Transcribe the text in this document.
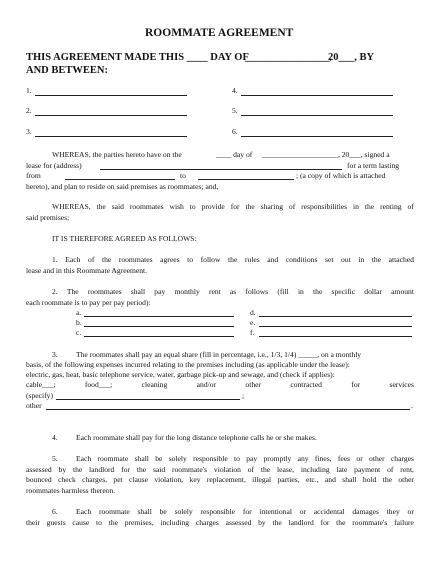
ROOMMATE AGREEMENT
THIS AGREEMENT MADE THIS ____ DAY OF
________________,
20___, BY
AND BETWEEN:
1.
2.
3.
4.
5.
6.
WHEREAS, the parties hereto have on the	____ day of ____________________, 20___, signed a
lease for (address)	for a term lasting
from	to	; (a copy of which is attached
hereto), and plan to reside on said premises as roommates; and,
WHEREAS, the said roommates wish to provide for the sharing of responsibilities in the renting of
said premises;
IT IS THEREFORE AGREED AS FOLLOWS:
1. Each of the roommates agrees to follow the rules and conditions set out in the attached
lease and in this Roommate Agreement.
2. The roommates shall pay monthly rent as follows (fill in the specific dollar amount
each roommate is to pay per pay period):
a.
b.
c.
d.
e.
f.
3. The roommates shall pay an equal share (fill in percentage, i.e., 1/3, 1/4) _____, on a monthly
basis, of the following expenses incurred relating to the premises including (as applicable under the lease):
electric, gas, heat, basic telephone service, water, garbage pick-up and sewage, and (check if applies):
cable___;	food___;	cleaning	and/or	other	contracted	for	services
(specify)	;
other	.
4. Each roommate shall pay for the long distance telephone calls he or she makes.
5. Each roommate shall be solely responsible to pay promptly any fines, fees or other charges
assessed by the landlord for the said roommate's violation of the lease, including late payment of rent,
bounced check charges, pet clause violation, key replacement, illegal parties, etc., and shall hold the other
roommates harmless thereon.
6. Each roommate shall be solely responsible for intentional or accidental damages they or
their guests cause to the premises, including charges assessed by the landlord for the roommate's failure
